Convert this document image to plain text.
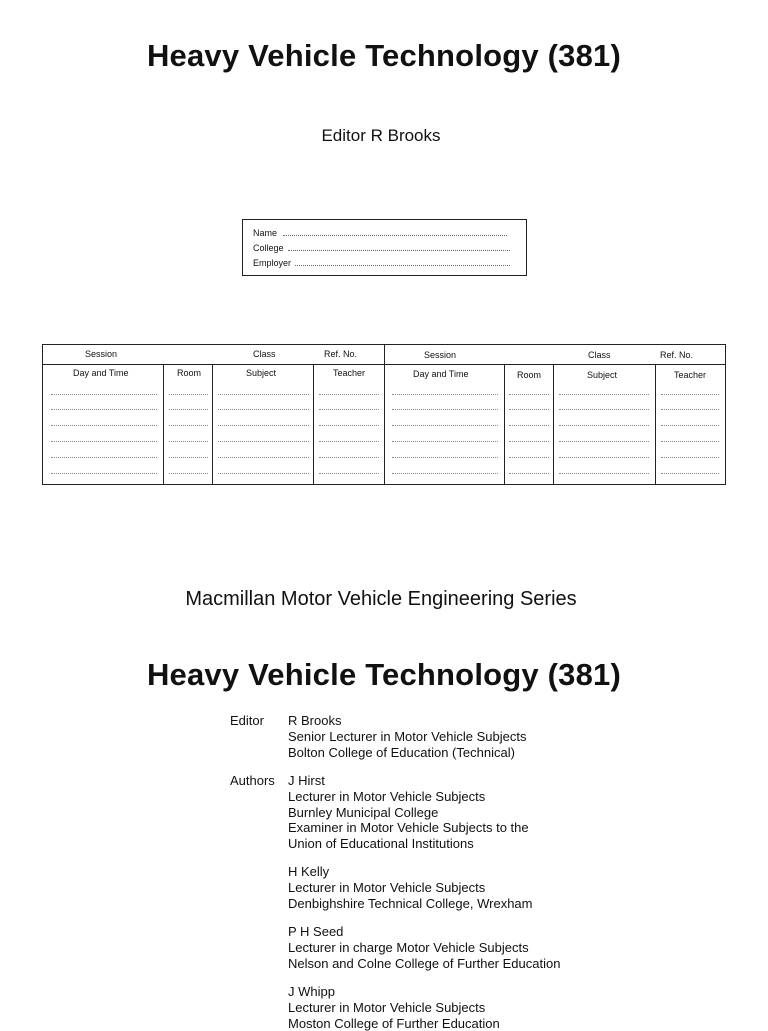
Heavy Vehicle Technology (381)
Editor R Brooks
Name
College
Employer
Session	Class	Ref. No.	Session	Class	Ref. No.
Day and Time	Room	Subject	Teacher	Day and Time	Room	Subject	Teacher
Macmillan Motor Vehicle Engineering Series
Heavy Vehicle Technology (381)
Editor R Brooks
Senior Lecturer in Motor Vehicle Subjects
Bolton College of Education (Technical)
Authors J Hirst
Lecturer in Motor Vehicle Subjects
Burnley Municipal College
Examiner in Motor Vehicle Subjects to the
Union of Educational Institutions
H Kelly
Lecturer in Motor Vehicle Subjects
Denbighshire Technical College, Wrexham
P H Seed
Lecturer in charge Motor Vehicle Subjects
Nelson and Colne College of Further Education
J Whipp
Lecturer in Motor Vehicle Subjects
Moston College of Further Education
